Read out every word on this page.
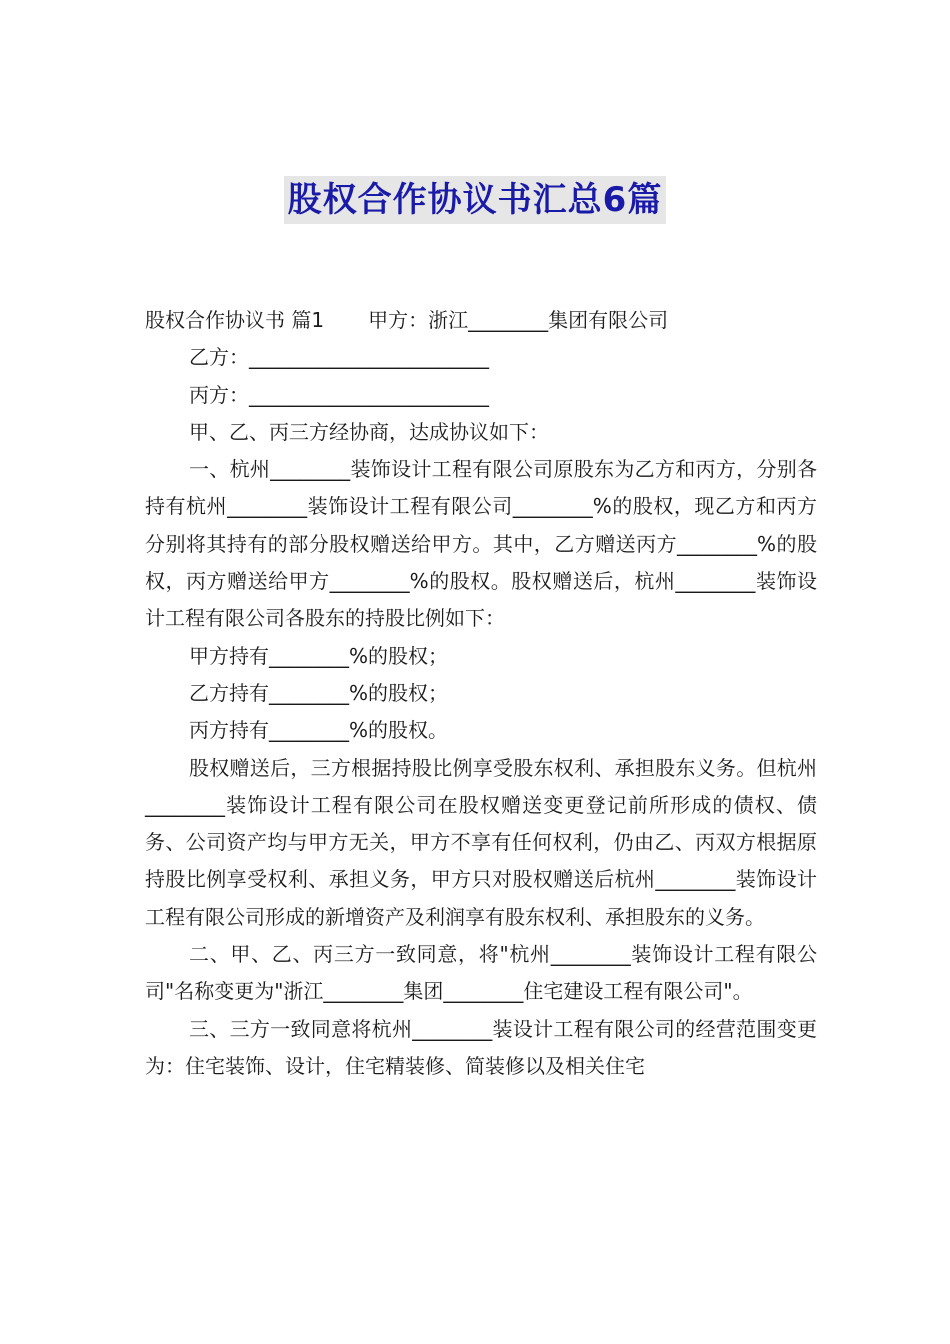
股权合作协议书汇总6篇

股权合作协议书 篇1 甲方：浙江________集团有限公司

乙方：________________________

丙方：________________________

甲、乙、丙三方经协商，达成协议如下：

一、杭州________装饰设计工程有限公司原股东为乙方和丙方，分别各持有杭州________装饰设计工程有限公司________%的股权，现乙方和丙方分别将其持有的部分股权赠送给甲方。其中，乙方赠送丙方________%的股权，丙方赠送给甲方________%的股权。股权赠送后，杭州________装饰设计工程有限公司各股东的持股比例如下：

甲方持有________%的股权；

乙方持有________%的股权；

丙方持有________%的股权。

股权赠送后，三方根据持股比例享受股东权利、承担股东义务。但杭州________装饰设计工程有限公司在股权赠送变更登记前所形成的债权、债务、公司资产均与甲方无关，甲方不享有任何权利，仍由乙、丙双方根据原持股比例享受权利、承担义务，甲方只对股权赠送后杭州________装饰设计工程有限公司形成的新增资产及利润享有股东权利、承担股东的义务。

二、甲、乙、丙三方一致同意，将"杭州________装饰设计工程有限公司"名称变更为"浙江________集团________住宅建设工程有限公司"。

三、三方一致同意将杭州________装设计工程有限公司的经营范围变更为：住宅装饰、设计，住宅精装修、简装修以及相关住宅
